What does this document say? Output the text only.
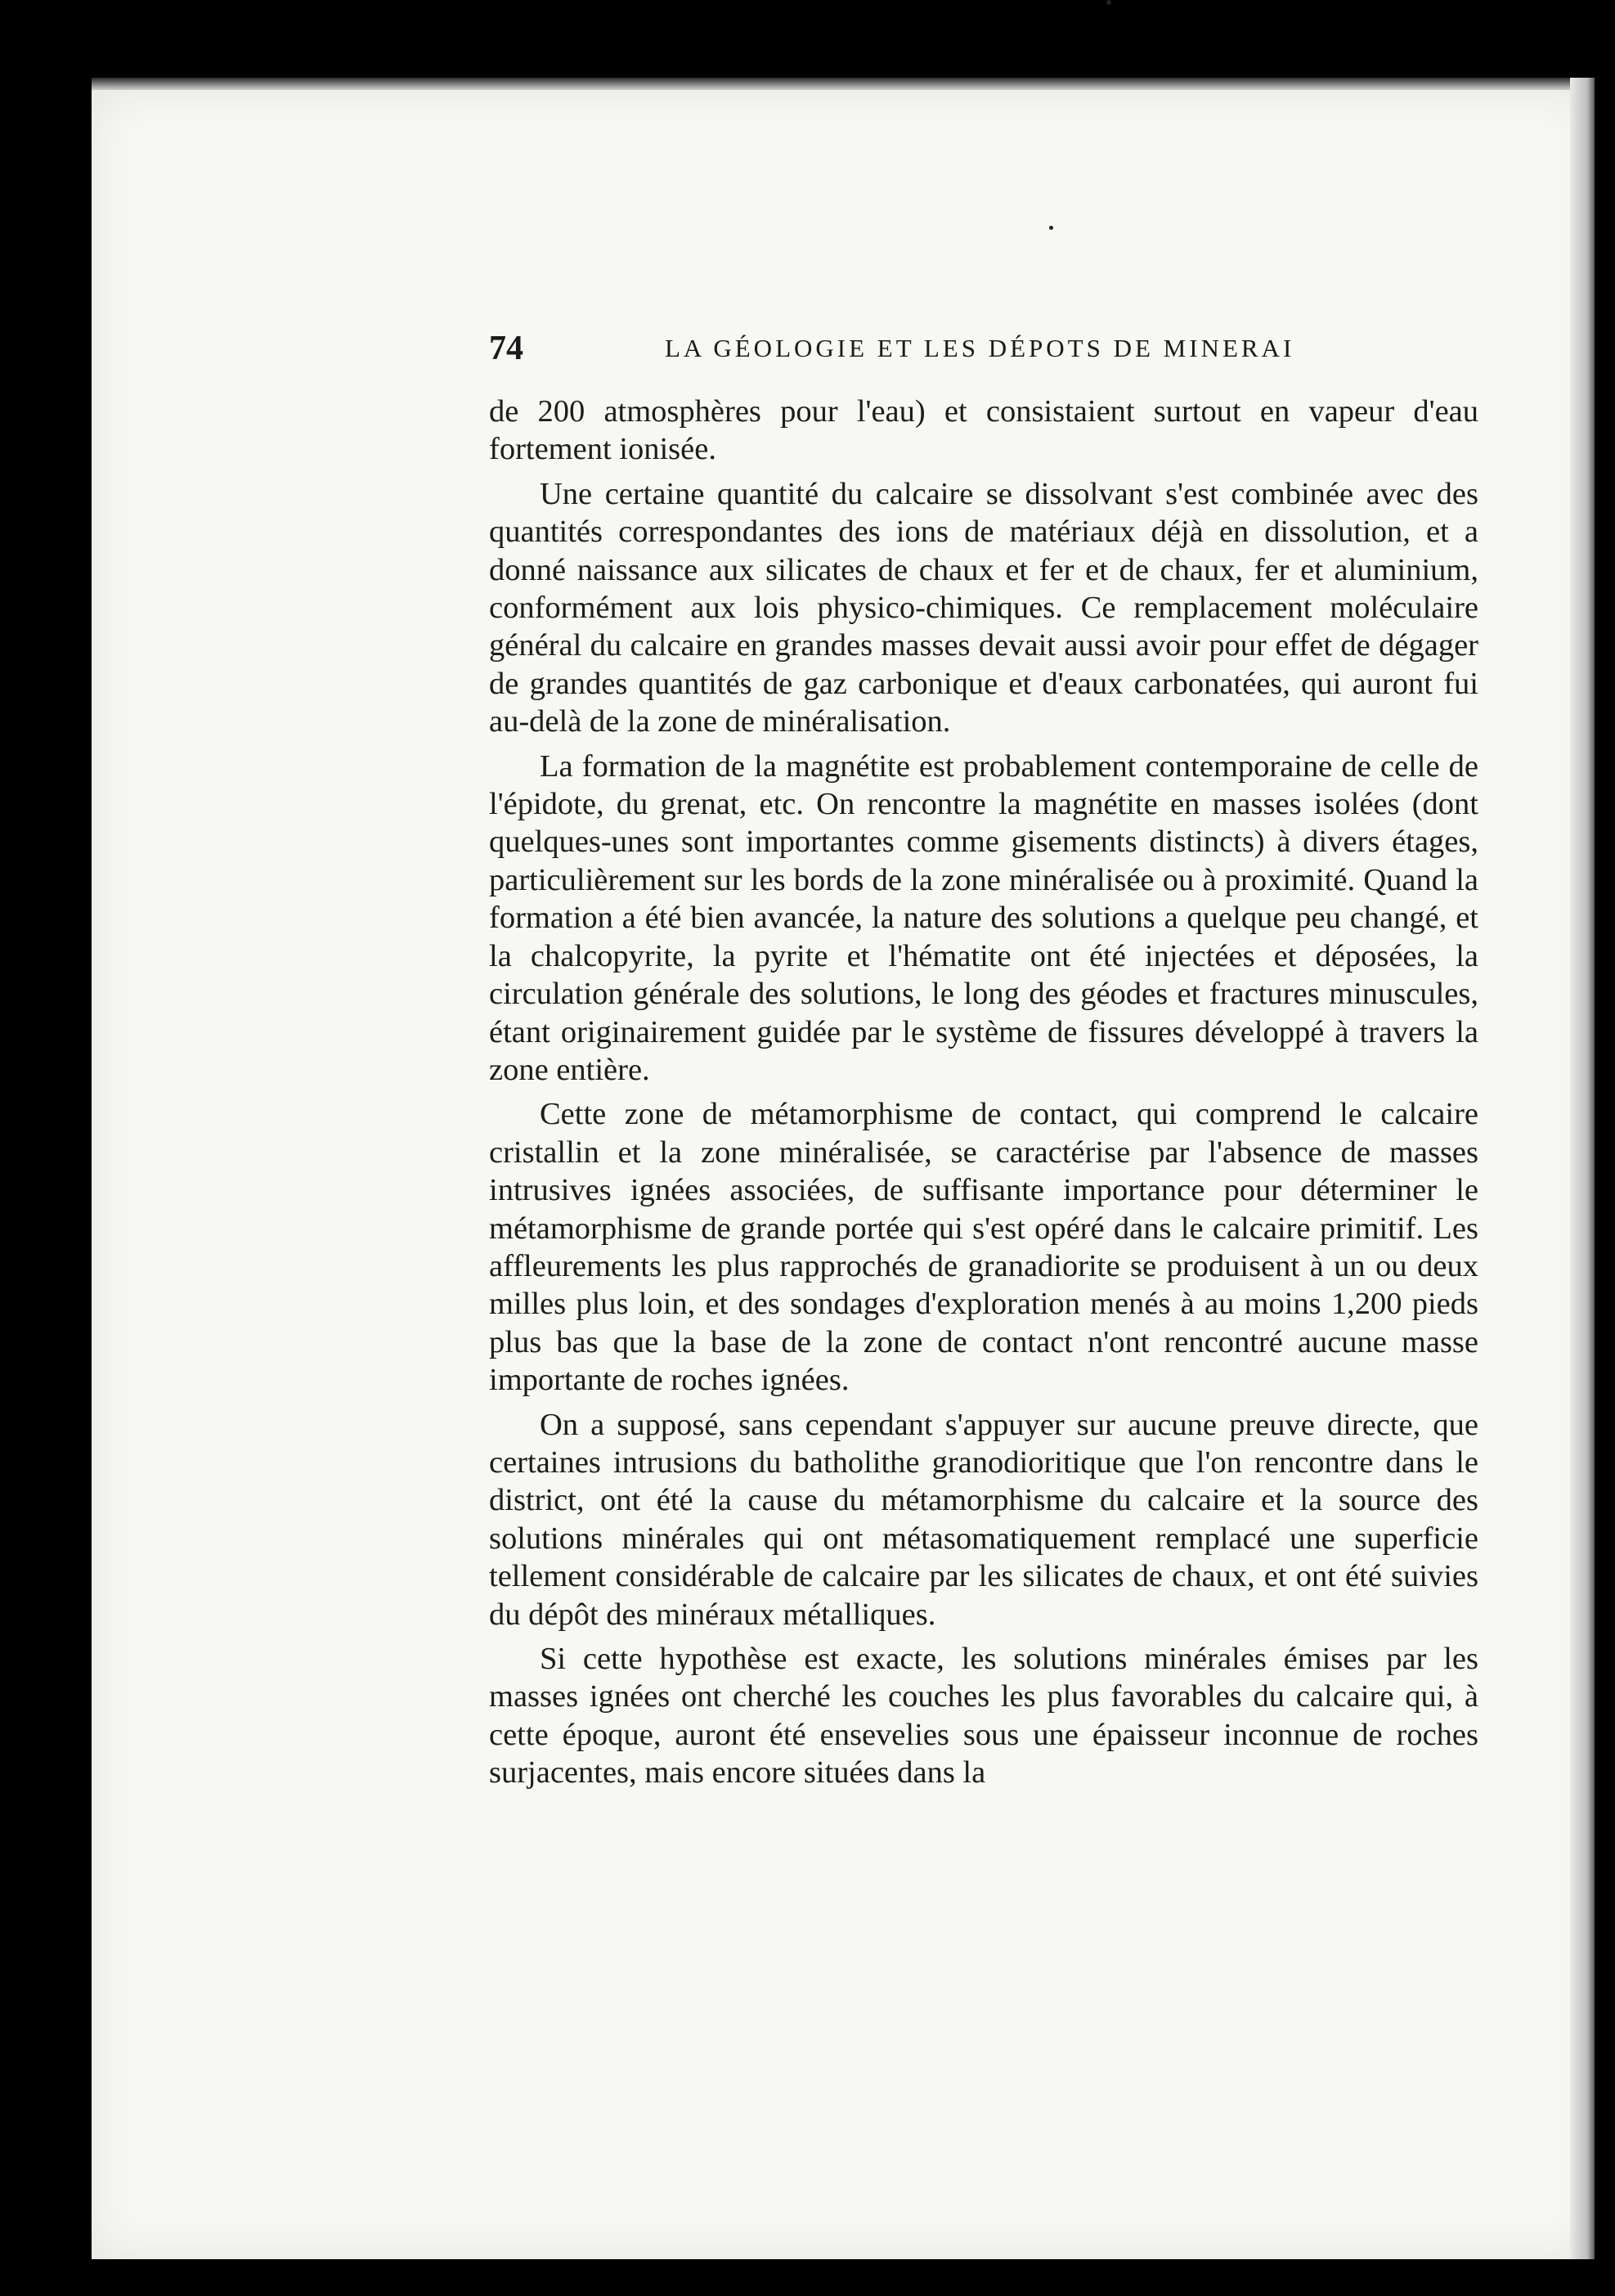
74	LA GÉOLOGIE ET LES DÉPOTS DE MINERAI

de 200 atmosphères pour l'eau) et consistaient surtout en vapeur d'eau fortement ionisée.

Une certaine quantité du calcaire se dissolvant s'est combinée avec des quantités correspondantes des ions de matériaux déjà en dissolution, et a donné naissance aux silicates de chaux et fer et de chaux, fer et aluminium, conformément aux lois physico-chimiques. Ce remplacement moléculaire général du calcaire en grandes masses devait aussi avoir pour effet de dégager de grandes quantités de gaz carbonique et d'eaux carbonatées, qui auront fui au-delà de la zone de minéralisation.

La formation de la magnétite est probablement contemporaine de celle de l'épidote, du grenat, etc. On rencontre la magnétite en masses isolées (dont quelques-unes sont importantes comme gisements distincts) à divers étages, particulièrement sur les bords de la zone minéralisée ou à proximité. Quand la formation a été bien avancée, la nature des solutions a quelque peu changé, et la chalcopyrite, la pyrite et l'hématite ont été injectées et déposées, la circulation générale des solutions, le long des géodes et fractures minuscules, étant originairement guidée par le système de fissures développé à travers la zone entière.

Cette zone de métamorphisme de contact, qui comprend le calcaire cristallin et la zone minéralisée, se caractérise par l'absence de masses intrusives ignées associées, de suffisante importance pour déterminer le métamorphisme de grande portée qui s'est opéré dans le calcaire primitif. Les affleurements les plus rapprochés de granadiorite se produisent à un ou deux milles plus loin, et des sondages d'exploration menés à au moins 1,200 pieds plus bas que la base de la zone de contact n'ont rencontré aucune masse importante de roches ignées.

On a supposé, sans cependant s'appuyer sur aucune preuve directe, que certaines intrusions du batholithe granodioritique que l'on rencontre dans le district, ont été la cause du métamorphisme du calcaire et la source des solutions minérales qui ont métasomatiquement remplacé une superficie tellement considérable de calcaire par les silicates de chaux, et ont été suivies du dépôt des minéraux métalliques.

Si cette hypothèse est exacte, les solutions minérales émises par les masses ignées ont cherché les couches les plus favorables du calcaire qui, à cette époque, auront été ensevelies sous une épaisseur inconnue de roches surjacentes, mais encore situées dans la
